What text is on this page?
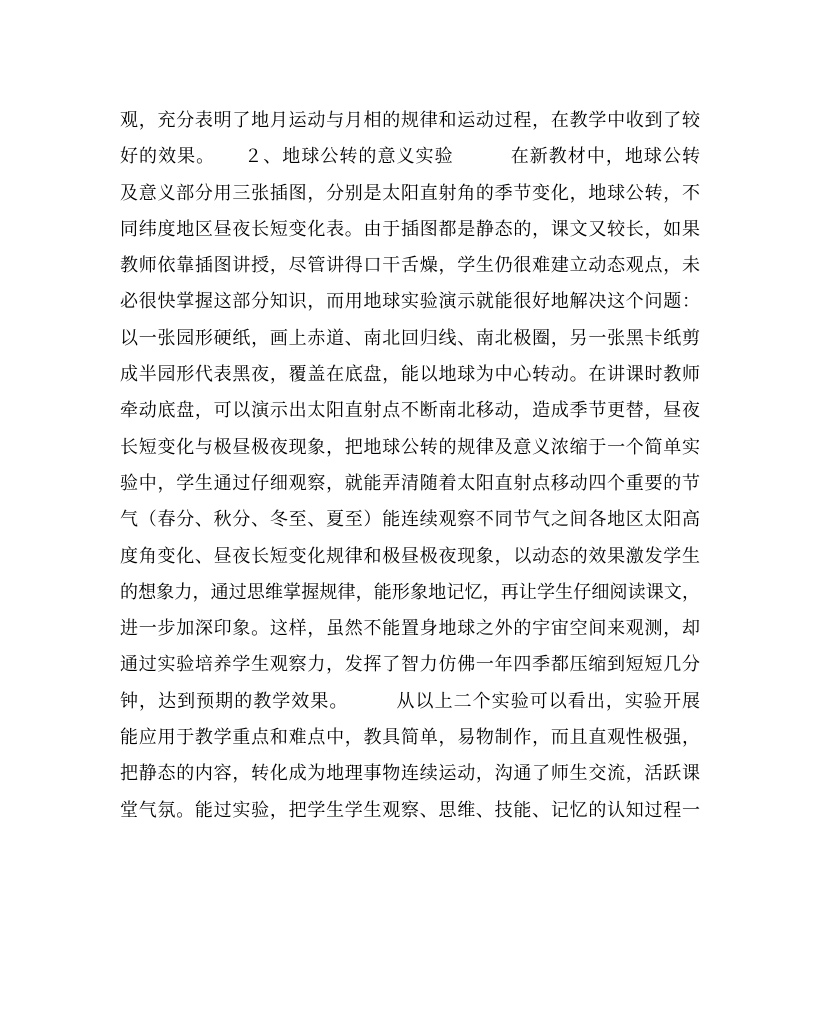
观，充分表明了地月运动与月相的规律和运动过程，在教学中收到了较
好的效果。　　２、地球公转的意义实验　　　在新教材中，地球公转
及意义部分用三张插图，分别是太阳直射角的季节变化，地球公转，不
同纬度地区昼夜长短变化表。由于插图都是静态的，课文又较长，如果
教师依靠插图讲授，尽管讲得口干舌燥，学生仍很难建立动态观点，未
必很快掌握这部分知识，而用地球实验演示就能很好地解决这个问题：
以一张园形硬纸，画上赤道、南北回归线、南北极圈，另一张黑卡纸剪
成半园形代表黑夜，覆盖在底盘，能以地球为中心转动。在讲课时教师
牵动底盘，可以演示出太阳直射点不断南北移动，造成季节更替，昼夜
长短变化与极昼极夜现象，把地球公转的规律及意义浓缩于一个简单实
验中，学生通过仔细观察，就能弄清随着太阳直射点移动四个重要的节
气（春分、秋分、冬至、夏至）能连续观察不同节气之间各地区太阳高
度角变化、昼夜长短变化规律和极昼极夜现象，以动态的效果激发学生
的想象力，通过思维掌握规律，能形象地记忆，再让学生仔细阅读课文，
进一步加深印象。这样，虽然不能置身地球之外的宇宙空间来观测，却
通过实验培养学生观察力，发挥了智力仿佛一年四季都压缩到短短几分
钟，达到预期的教学效果。　　　从以上二个实验可以看出，实验开展
能应用于教学重点和难点中，教具简单，易物制作，而且直观性极强，
把静态的内容，转化成为地理事物连续运动，沟通了师生交流，活跃课
堂气氛。能过实验，把学生学生观察、思维、技能、记忆的认知过程一
